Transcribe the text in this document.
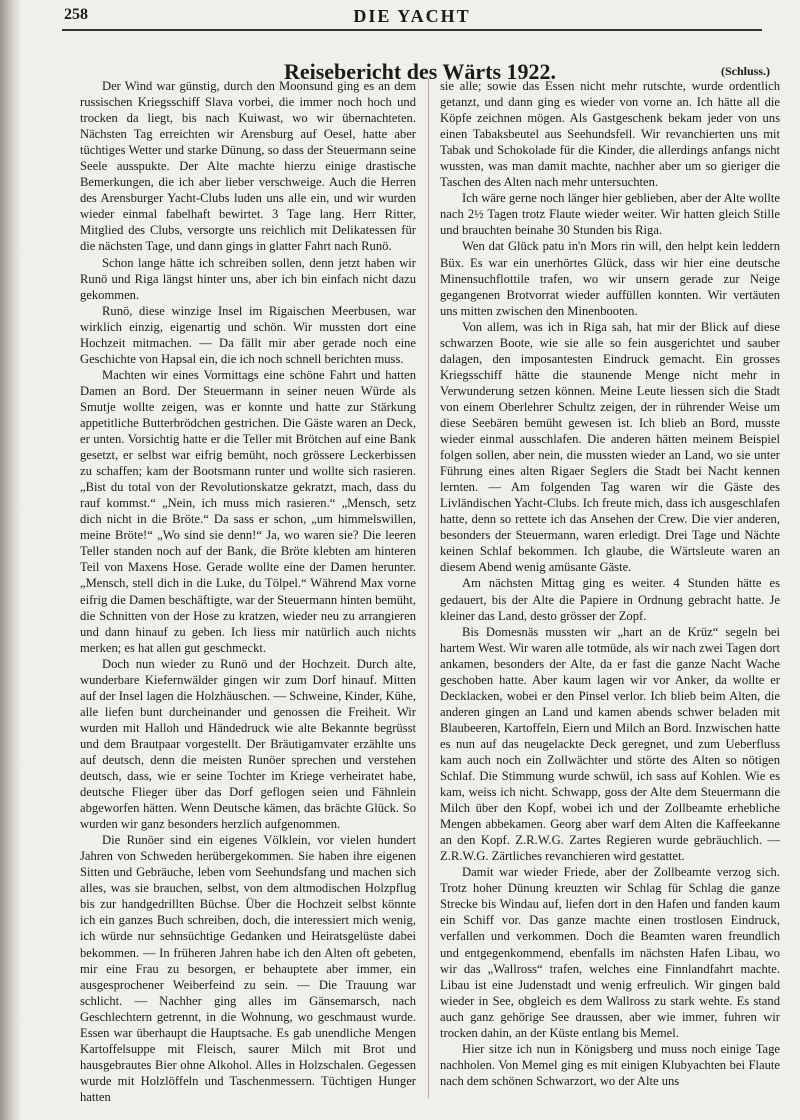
258	DIE YACHT
Reisebericht des Wärts 1922.	(Schluss.)

Der Wind war günstig, durch den Moonsund ging es an dem russischen Kriegsschiff Slava vorbei, die immer noch hoch und trocken da liegt, bis nach Kuiwast, wo wir übernachteten. Nächsten Tag erreichten wir Arensburg auf Oesel, hatte aber tüchtiges Wetter und starke Dünung, so dass der Steuermann seine Seele ausspukte. Der Alte machte hierzu einige drastische Bemerkungen, die ich aber lieber verschweige. Auch die Herren des Arensburger Yacht-Clubs luden uns alle ein, und wir wurden wieder einmal fabelhaft bewirtet. 3 Tage lang. Herr Ritter, Mitglied des Clubs, versorgte uns reichlich mit Delikatessen für die nächsten Tage, und dann gings in glatter Fahrt nach Runö.

Schon lange hätte ich schreiben sollen, denn jetzt haben wir Runö und Riga längst hinter uns, aber ich bin einfach nicht dazu gekommen.

Runö, diese winzige Insel im Rigaischen Meerbusen, war wirklich einzig, eigenartig und schön. Wir mussten dort eine Hochzeit mitmachen. — Da fällt mir aber gerade noch eine Geschichte von Hapsal ein, die ich noch schnell berichten muss.

Machten wir eines Vormittags eine schöne Fahrt und hatten Damen an Bord. Der Steuermann in seiner neuen Würde als Smutje wollte zeigen, was er konnte und hatte zur Stärkung appetitliche Butterbrödchen gestrichen. Die Gäste waren an Deck, er unten. Vorsichtig hatte er die Teller mit Brötchen auf eine Bank gesetzt, er selbst war eifrig bemüht, noch grössere Leckerbissen zu schaffen; kam der Bootsmann runter und wollte sich rasieren. „Bist du total von der Revolutionskatze gekratzt, mach, dass du rauf kommst.“ „Nein, ich muss mich rasieren.“ „Mensch, setz dich nicht in die Bröte.“ Da sass er schon, „um himmelswillen, meine Bröte!“ „Wo sind sie denn!“ Ja, wo waren sie? Die leeren Teller standen noch auf der Bank, die Bröte klebten am hinteren Teil von Maxens Hose. Gerade wollte eine der Damen herunter. „Mensch, stell dich in die Luke, du Tölpel.“ Während Max vorne eifrig die Damen beschäftigte, war der Steuermann hinten bemüht, die Schnitten von der Hose zu kratzen, wieder neu zu arrangieren und dann hinauf zu geben. Ich liess mir natürlich auch nichts merken; es hat allen gut geschmeckt.

Doch nun wieder zu Runö und der Hochzeit. Durch alte, wunderbare Kiefernwälder gingen wir zum Dorf hinauf. Mitten auf der Insel lagen die Holzhäuschen. — Schweine, Kinder, Kühe, alle liefen bunt durcheinander und genossen die Freiheit. Wir wurden mit Halloh und Händedruck wie alte Bekannte begrüsst und dem Brautpaar vorgestellt. Der Bräutigamvater erzählte uns auf deutsch, denn die meisten Runöer sprechen und verstehen deutsch, dass, wie er seine Tochter im Kriege verheiratet habe, deutsche Flieger über das Dorf geflogen seien und Fähnlein abgeworfen hätten. Wenn Deutsche kämen, das brächte Glück. So wurden wir ganz besonders herzlich aufgenommen.

Die Runöer sind ein eigenes Völklein, vor vielen hundert Jahren von Schweden herübergekommen. Sie haben ihre eigenen Sitten und Gebräuche, leben vom Seehundsfang und machen sich alles, was sie brauchen, selbst, von dem altmodischen Holzpflug bis zur handgedrillten Büchse. Über die Hochzeit selbst könnte ich ein ganzes Buch schreiben, doch, die interessiert mich wenig, ich würde nur sehnsüchtige Gedanken und Heiratsgelüste dabei bekommen. — In früheren Jahren habe ich den Alten oft gebeten, mir eine Frau zu besorgen, er behauptete aber immer, ein ausgesprochener Weiberfeind zu sein. — Die Trauung war schlicht. — Nachher ging alles im Gänsemarsch, nach Geschlechtern getrennt, in die Wohnung, wo geschmaust wurde. Essen war überhaupt die Hauptsache. Es gab unendliche Mengen Kartoffelsuppe mit Fleisch, saurer Milch mit Brot und hausgebrautes Bier ohne Alkohol. Alles in Holzschalen. Gegessen wurde mit Holzlöffeln und Taschenmessern. Tüchtigen Hunger hatten

sie alle; sowie das Essen nicht mehr rutschte, wurde ordentlich getanzt, und dann ging es wieder von vorne an. Ich hätte all die Köpfe zeichnen mögen. Als Gastgeschenk bekam jeder von uns einen Tabaksbeutel aus Seehundsfell. Wir revanchierten uns mit Tabak und Schokolade für die Kinder, die allerdings anfangs nicht wussten, was man damit machte, nachher aber um so gieriger die Taschen des Alten nach mehr untersuchten.

Ich wäre gerne noch länger hier geblieben, aber der Alte wollte nach 2½ Tagen trotz Flaute wieder weiter. Wir hatten gleich Stille und brauchten beinahe 30 Stunden bis Riga.

Wen dat Glück patu in'n Mors rin will, den helpt kein leddern Büx. Es war ein unerhörtes Glück, dass wir hier eine deutsche Minensuchflottile trafen, wo wir unsern gerade zur Neige gegangenen Brotvorrat wieder auffüllen konnten. Wir vertäuten uns mitten zwischen den Minenbooten.

Von allem, was ich in Riga sah, hat mir der Blick auf diese schwarzen Boote, wie sie alle so fein ausgerichtet und sauber dalagen, den imposantesten Eindruck gemacht. Ein grosses Kriegsschiff hätte die staunende Menge nicht mehr in Verwunderung setzen können. Meine Leute liessen sich die Stadt von einem Oberlehrer Schultz zeigen, der in rührender Weise um diese Seebären bemüht gewesen ist. Ich blieb an Bord, musste wieder einmal ausschlafen. Die anderen hätten meinem Beispiel folgen sollen, aber nein, die mussten wieder an Land, wo sie unter Führung eines alten Rigaer Seglers die Stadt bei Nacht kennen lernten. — Am folgenden Tag waren wir die Gäste des Livländischen Yacht-Clubs. Ich freute mich, dass ich ausgeschlafen hatte, denn so rettete ich das Ansehen der Crew. Die vier anderen, besonders der Steuermann, waren erledigt. Drei Tage und Nächte keinen Schlaf bekommen. Ich glaube, die Wärtsleute waren an diesem Abend wenig amüsante Gäste.

Am nächsten Mittag ging es weiter. 4 Stunden hätte es gedauert, bis der Alte die Papiere in Ordnung gebracht hatte. Je kleiner das Land, desto grösser der Zopf.

Bis Domesnäs mussten wir „hart an de Krüz“ segeln bei hartem West. Wir waren alle totmüde, als wir nach zwei Tagen dort ankamen, besonders der Alte, da er fast die ganze Nacht Wache geschoben hatte. Aber kaum lagen wir vor Anker, da wollte er Decklacken, wobei er den Pinsel verlor. Ich blieb beim Alten, die anderen gingen an Land und kamen abends schwer beladen mit Blaubeeren, Kartoffeln, Eiern und Milch an Bord. Inzwischen hatte es nun auf das neugelackte Deck geregnet, und zum Ueberfluss kam auch noch ein Zollwächter und störte des Alten so nötigen Schlaf. Die Stimmung wurde schwül, ich sass auf Kohlen. Wie es kam, weiss ich nicht. Schwapp, goss der Alte dem Steuermann die Milch über den Kopf, wobei ich und der Zollbeamte erhebliche Mengen abbekamen. Georg aber warf dem Alten die Kaffeekanne an den Kopf. Z.R.W.G. Zartes Regieren wurde gebräuchlich. — Z.R.W.G. Zärtliches revanchieren wird gestattet.

Damit war wieder Friede, aber der Zollbeamte verzog sich. Trotz hoher Dünung kreuzten wir Schlag für Schlag die ganze Strecke bis Windau auf, liefen dort in den Hafen und fanden kaum ein Schiff vor. Das ganze machte einen trostlosen Eindruck, verfallen und verkommen. Doch die Beamten waren freundlich und entgegenkommend, ebenfalls im nächsten Hafen Libau, wo wir das „Wallross“ trafen, welches eine Finnlandfahrt machte. Libau ist eine Judenstadt und wenig erfreulich. Wir gingen bald wieder in See, obgleich es dem Wallross zu stark wehte. Es stand auch ganz gehörige See draussen, aber wie immer, fuhren wir trocken dahin, an der Küste entlang bis Memel.

Hier sitze ich nun in Königsberg und muss noch einige Tage nachholen. Von Memel ging es mit einigen Klubyachten bei Flaute nach dem schönen Schwarzort, wo der Alte uns
